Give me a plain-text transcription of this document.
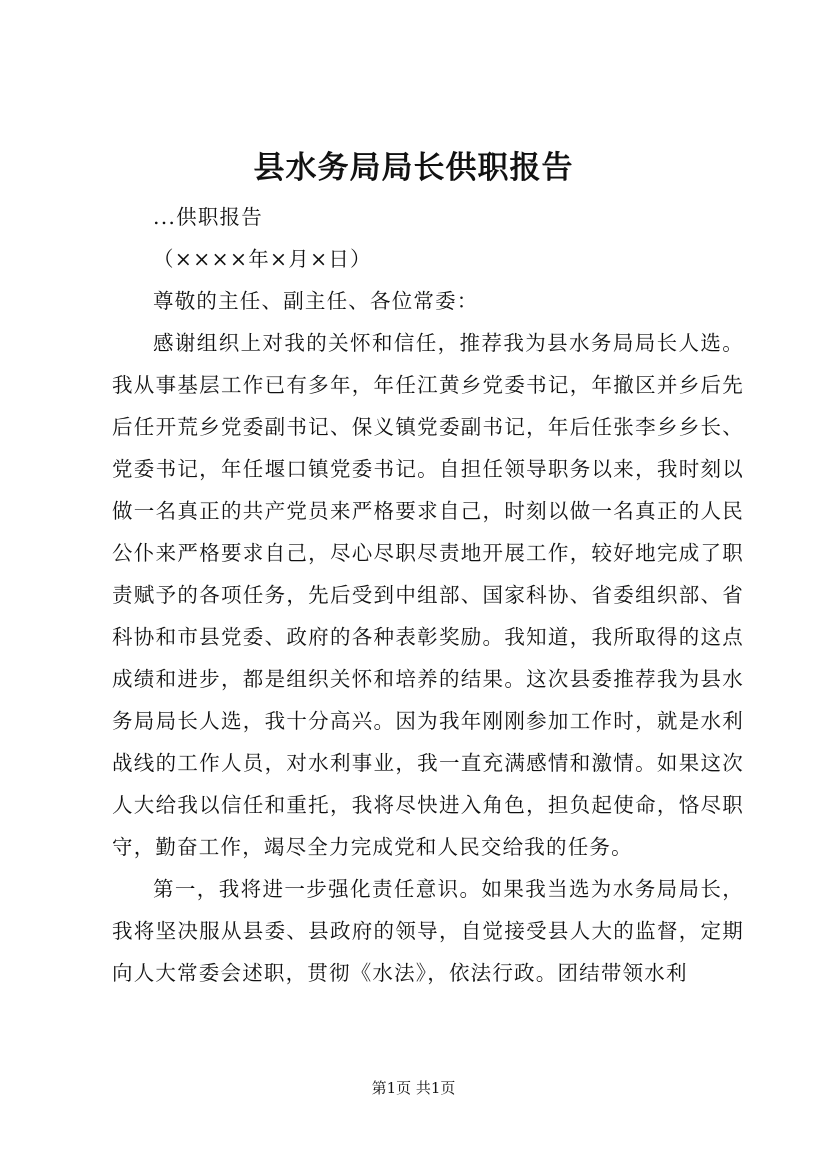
县水务局局长供职报告

...供职报告

（××××年×月×日）

尊敬的主任、副主任、各位常委：

感谢组织上对我的关怀和信任，推荐我为县水务局局长人选。我从事基层工作已有多年，年任江黄乡党委书记，年撤区并乡后先后任开荒乡党委副书记、保义镇党委副书记，年后任张李乡乡长、党委书记，年任堰口镇党委书记。自担任领导职务以来，我时刻以做一名真正的共产党员来严格要求自己，时刻以做一名真正的人民公仆来严格要求自己，尽心尽职尽责地开展工作，较好地完成了职责赋予的各项任务，先后受到中组部、国家科协、省委组织部、省科协和市县党委、政府的各种表彰奖励。我知道，我所取得的这点成绩和进步，都是组织关怀和培养的结果。这次县委推荐我为县水务局局长人选，我十分高兴。因为我年刚刚参加工作时，就是水利战线的工作人员，对水利事业，我一直充满感情和激情。如果这次人大给我以信任和重托，我将尽快进入角色，担负起使命，恪尽职守，勤奋工作，竭尽全力完成党和人民交给我的任务。

第一，我将进一步强化责任意识。如果我当选为水务局局长，我将坚决服从县委、县政府的领导，自觉接受县人大的监督，定期向人大常委会述职，贯彻《水法》，依法行政。团结带领水利

第1页 共1页
